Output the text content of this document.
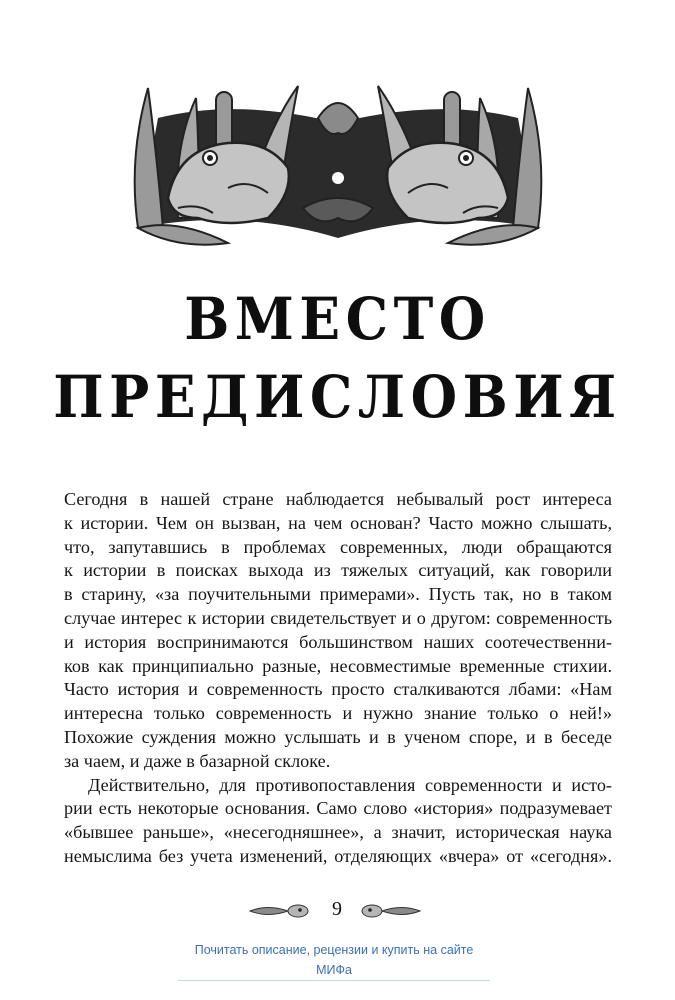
ВМЕСТО
ПРЕДИСЛОВИЯ
Сегодня в нашей стране наблюдается небывалый рост интереса
к истории. Чем он вызван, на чем основан? Часто можно слышать,
что, запутавшись в проблемах современных, люди обращаются
к истории в поисках выхода из тяжелых ситуаций, как говорили
в старину, «за поучительными примерами». Пусть так, но в таком
случае интерес к истории свидетельствует и о другом: современность
и история воспринимаются большинством наших соотечественни-
ков как принципиально разные, несовместимые временные стихии.
Часто история и современность просто сталкиваются лбами: «Нам
интересна только современность и нужно знание только о ней!»
Похожие суждения можно услышать и в ученом споре, и в беседе
за чаем, и даже в базарной склоке.
Действительно, для противопоставления современности и исто-
рии есть некоторые основания. Само слово «история» подразумевает
«бывшее раньше», «несегодняшнее», а значит, историческая наука
немыслима без учета изменений, отделяющих «вчера» от «сегодня».
9
Почитать описание, рецензии и купить на сайте МИФа
